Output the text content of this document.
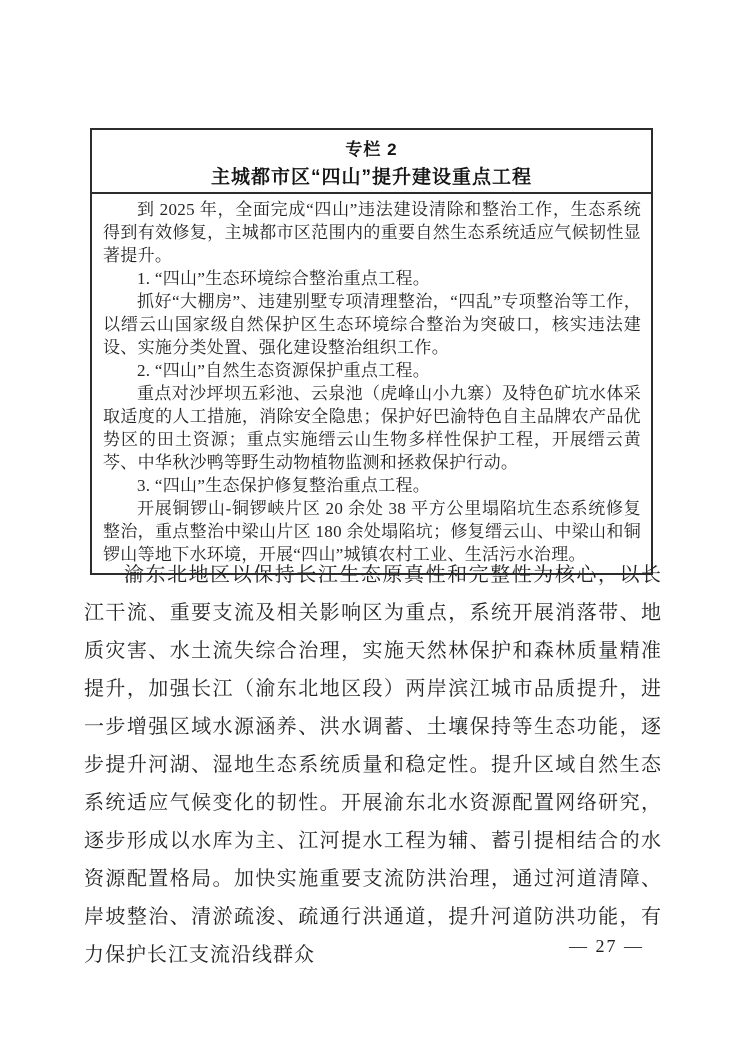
专栏 2
主城都市区“四山”提升建设重点工程

到 2025 年，全面完成“四山”违法建设清除和整治工作，生态系统得到有效修复，主城都市区范围内的重要自然生态系统适应气候韧性显著提升。

1. “四山”生态环境综合整治重点工程。

抓好“大棚房”、违建别墅专项清理整治，“四乱”专项整治等工作，以缙云山国家级自然保护区生态环境综合整治为突破口，核实违法建设、实施分类处置、强化建设整治组织工作。

2. “四山”自然生态资源保护重点工程。

重点对沙坪坝五彩池、云泉池（虎峰山小九寨）及特色矿坑水体采取适度的人工措施，消除安全隐患；保护好巴渝特色自主品牌农产品优势区的田土资源；重点实施缙云山生物多样性保护工程，开展缙云黄芩、中华秋沙鸭等野生动物植物监测和拯救保护行动。

3. “四山”生态保护修复整治重点工程。

开展铜锣山-铜锣峡片区 20 余处 38 平方公里塌陷坑生态系统修复整治，重点整治中梁山片区 180 余处塌陷坑；修复缙云山、中梁山和铜锣山等地下水环境，开展“四山”城镇农村工业、生活污水治理。

渝东北地区以保持长江生态原真性和完整性为核心，以长江干流、重要支流及相关影响区为重点，系统开展消落带、地质灾害、水土流失综合治理，实施天然林保护和森林质量精准提升，加强长江（渝东北地区段）两岸滨江城市品质提升，进一步增强区域水源涵养、洪水调蓄、土壤保持等生态功能，逐步提升河湖、湿地生态系统质量和稳定性。提升区域自然生态系统适应气候变化的韧性。开展渝东北水资源配置网络研究，逐步形成以水库为主、江河提水工程为辅、蓄引提相结合的水资源配置格局。加快实施重要支流防洪治理，通过河道清障、岸坡整治、清淤疏浚、疏通行洪通道，提升河道防洪功能，有力保护长江支流沿线群众	— 27 —
